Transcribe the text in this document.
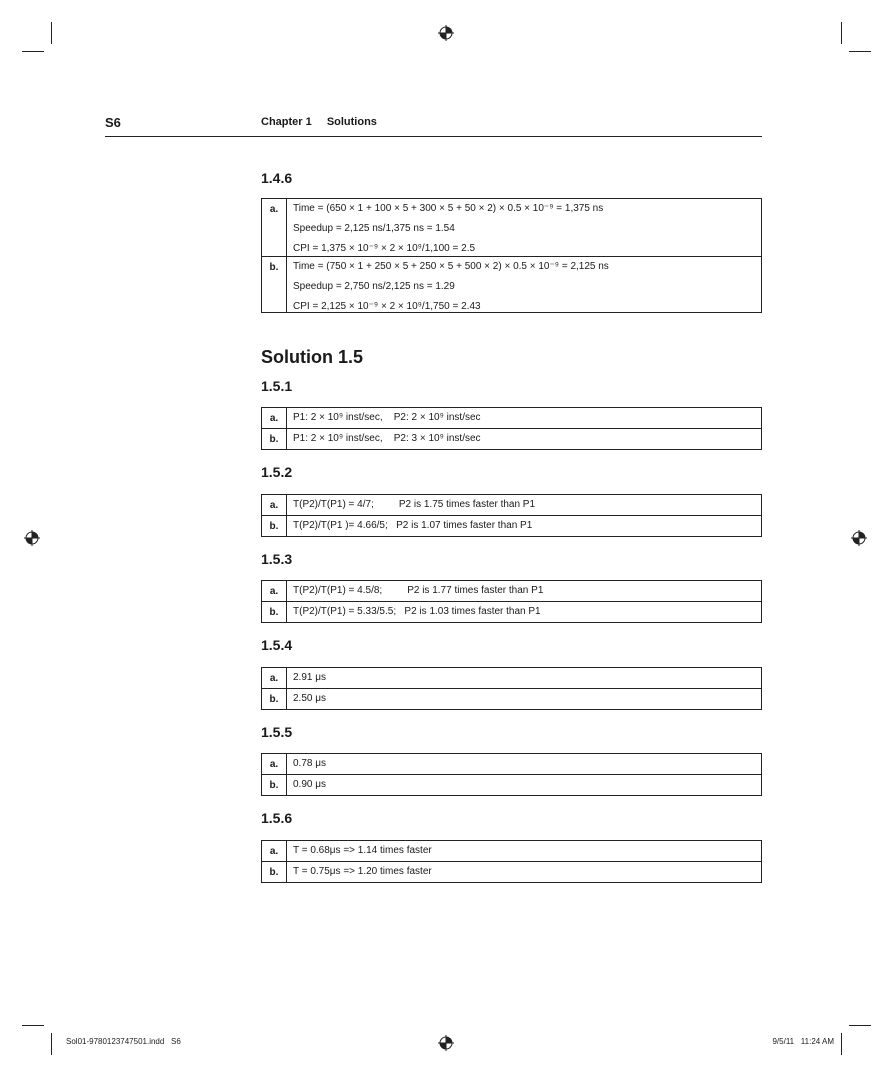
S6	Chapter 1 Solutions
1.4.6
a.	Time = (650 × 1 + 100 × 5 + 300 × 5 + 50 × 2) × 0.5 × 10⁻⁹ = 1,375 ns
Speedup = 2,125 ns/1,375 ns = 1.54
CPI = 1,375 × 10⁻⁹ × 2 × 10⁹/1,100 = 2.5

b.	Time = (750 × 1 + 250 × 5 + 250 × 5 + 500 × 2) × 0.5 × 10⁻⁹ = 2,125 ns
Speedup = 2,750 ns/2,125 ns = 1.29
CPI = 2,125 × 10⁻⁹ × 2 × 10⁹/1,750 = 2.43
Solution 1.5
1.5.1
a.	P1: 2 × 10⁹ inst/sec,    P2: 2 × 10⁹ inst/sec

b.	P1: 2 × 10⁹ inst/sec,    P2: 3 × 10⁹ inst/sec
1.5.2
a.	T(P2)/T(P1) = 4/7;         P2 is 1.75 times faster than P1

b.	T(P2)/T(P1 )= 4.66/5;   P2 is 1.07 times faster than P1
1.5.3
a.	T(P2)/T(P1) = 4.5/8;         P2 is 1.77 times faster than P1

b.	T(P2)/T(P1) = 5.33/5.5;   P2 is 1.03 times faster than P1
1.5.4
a.	2.91 μs

b.	2.50 μs
1.5.5
a.	0.78 μs

b.	0.90 μs
1.5.6
a.	T = 0.68μs => 1.14 times faster

b.	T = 0.75μs => 1.20 times faster
Sol01-9780123747501.indd   S6	9/5/11   11:24 AM
